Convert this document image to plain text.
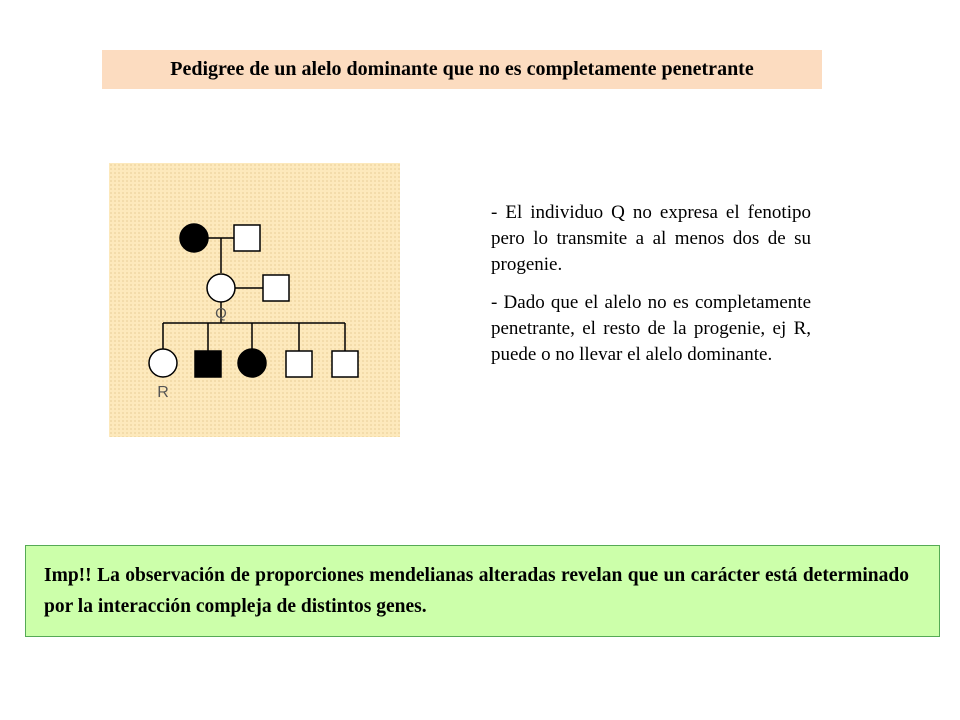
Pedigree de un alelo dominante que no es completamente penetrante
Q
R

- El individuo Q no expresa el fenotipo pero lo transmite a al menos dos de su progenie.

- Dado que el alelo no es completamente penetrante, el resto de la progenie, ej R, puede o no llevar el alelo dominante.

Imp!! La observación de proporciones mendelianas alteradas revelan que un carácter está determinado por la interacción compleja de distintos genes.
